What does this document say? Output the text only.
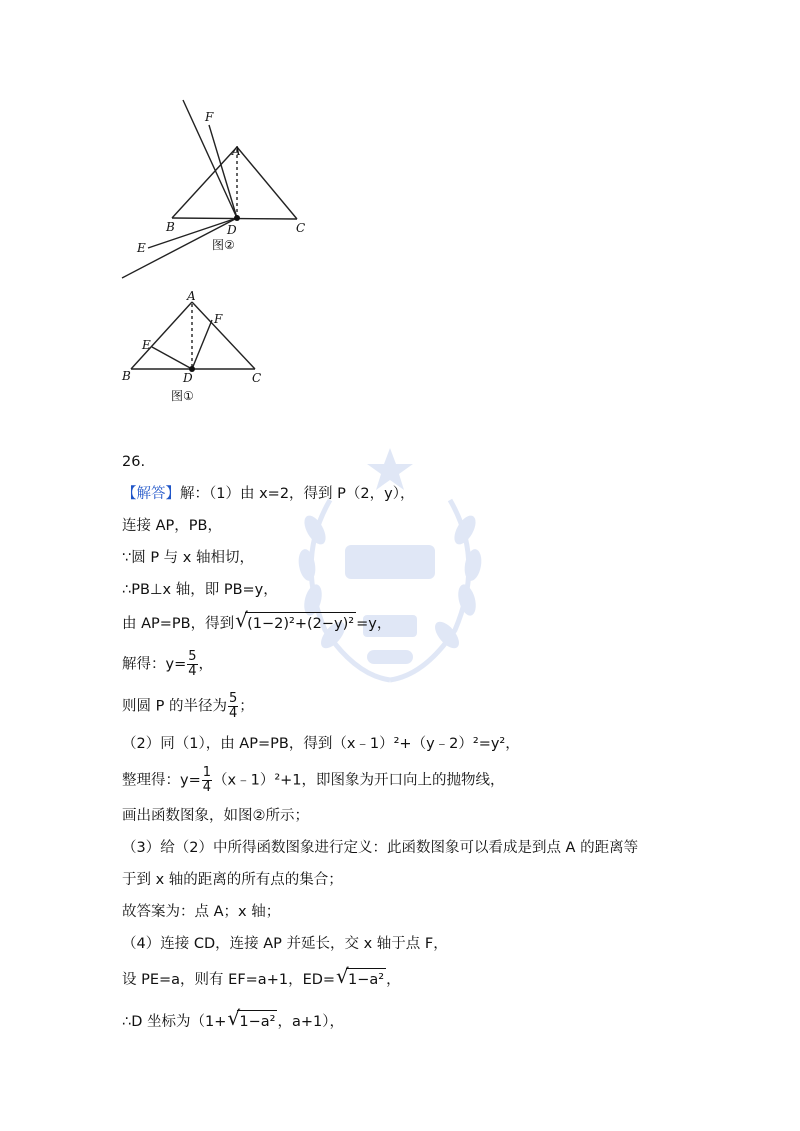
F
A
B	D	C
E	图②
A
F
E
B	D	C
图①
26.
【解答】解：（1）由 x=2，得到 P（2，y），
连接 AP，PB，
∵圆 P 与 x 轴相切，
∴PB⊥x 轴，即 PB=y，
由 AP=PB，得到 √ (1−2)²+(2−y)² =y，
解得：$y= \frac{5}{4}$ ，
则圆 P 的半径为 $\frac{5}{4}$ ；
（2）同（1），由 AP=PB，得到（x﹣1）²+（y﹣2）²=y²，
整理得：$y= \frac{1}{4}$ （x﹣1）²+1，即图象为开口向上的抛物线，
画出函数图象，如图②所示；
（3）给（2）中所得函数图象进行定义：此函数图象可以看成是到点 A 的距离等
于到 x 轴的距离的所有点的集合；
故答案为：点 A；x 轴；
（4）连接 CD，连接 AP 并延长，交 x 轴于点 F，
设 PE=a，则有 EF=a+1，ED= √ 1−a² ，
∴D 坐标为（1+ √ 1−a² ，a+1），
